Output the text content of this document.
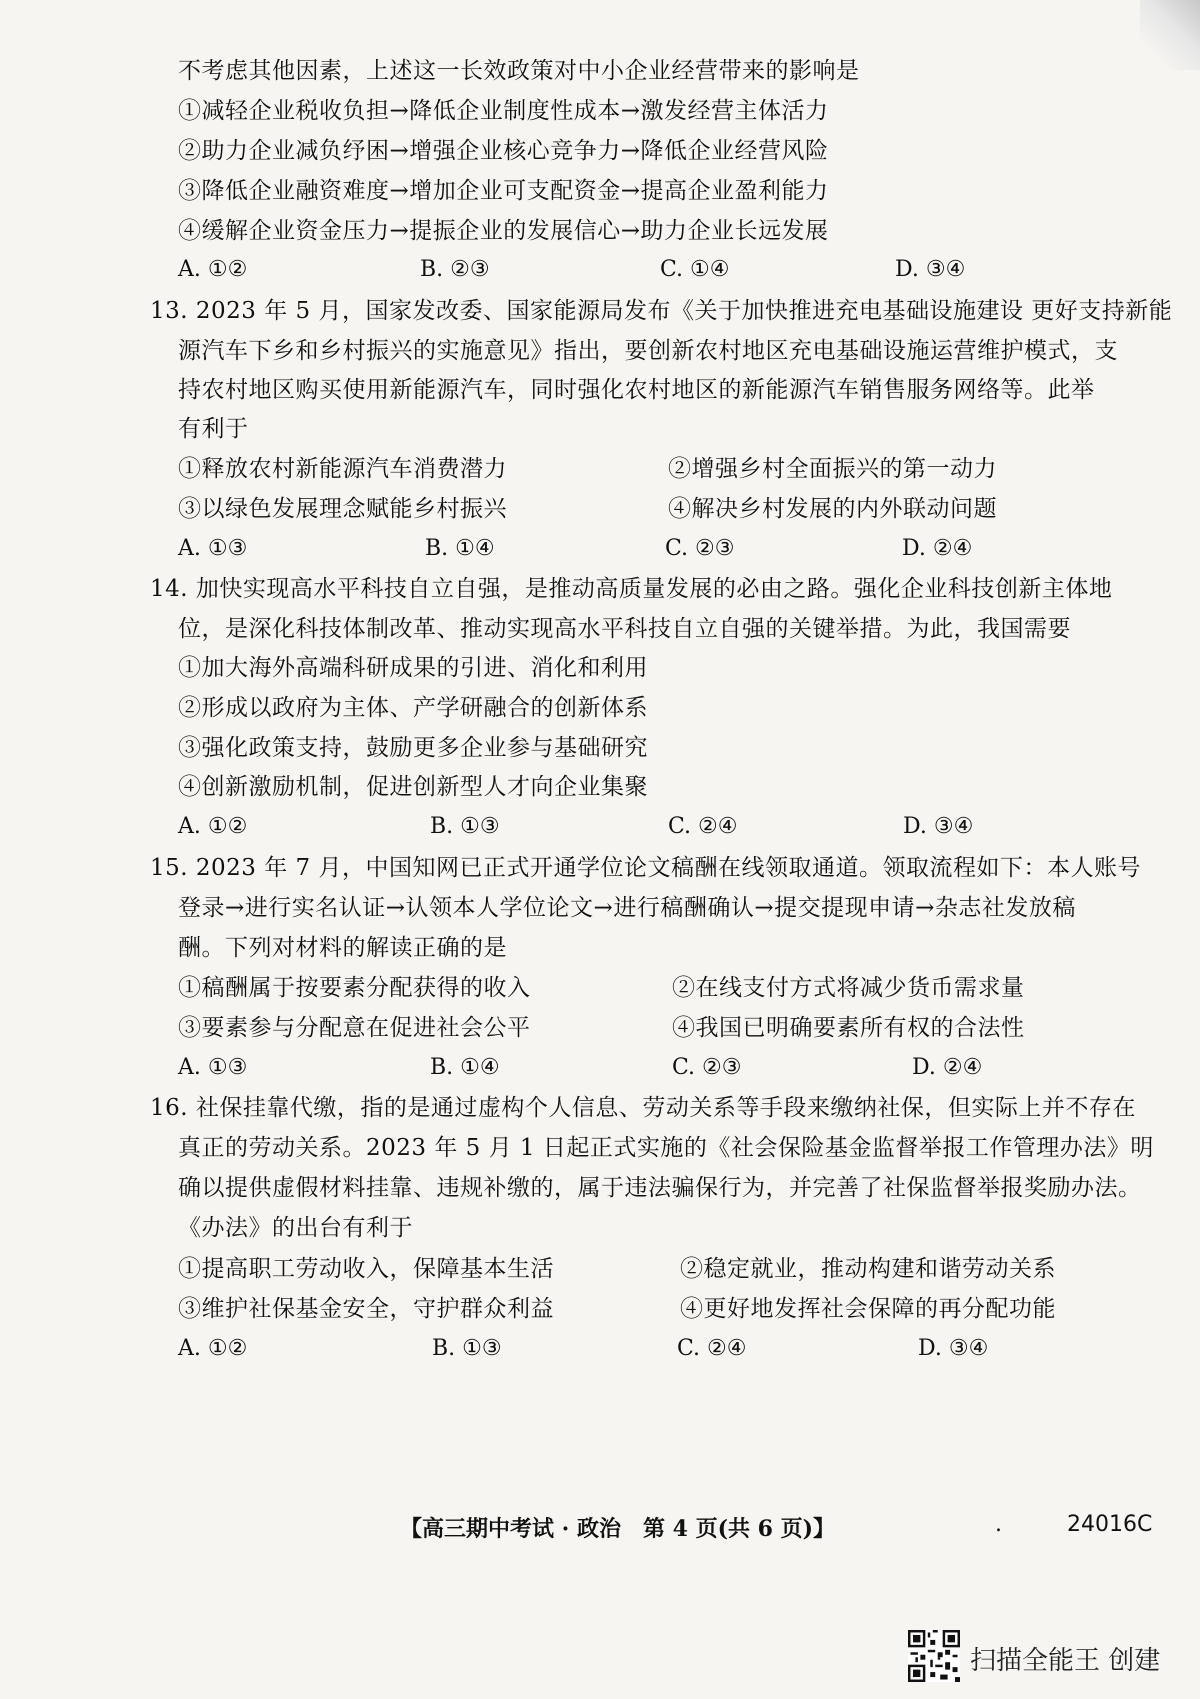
不考虑其他因素，上述这一长效政策对中小企业经营带来的影响是
①减轻企业税收负担→降低企业制度性成本→激发经营主体活力
②助力企业减负纾困→增强企业核心竞争力→降低企业经营风险
③降低企业融资难度→增加企业可支配资金→提高企业盈利能力
④缓解企业资金压力→提振企业的发展信心→助力企业长远发展
A. ①②	B. ②③	C. ①④	D. ③④
13. 2023 年 5 月，国家发改委、国家能源局发布《关于加快推进充电基础设施建设 更好支持新能
源汽车下乡和乡村振兴的实施意见》指出，要创新农村地区充电基础设施运营维护模式，支
持农村地区购买使用新能源汽车，同时强化农村地区的新能源汽车销售服务网络等。此举
有利于
①释放农村新能源汽车消费潜力	②增强乡村全面振兴的第一动力
③以绿色发展理念赋能乡村振兴	④解决乡村发展的内外联动问题
A. ①③	B. ①④	C. ②③	D. ②④
14. 加快实现高水平科技自立自强，是推动高质量发展的必由之路。强化企业科技创新主体地
位，是深化科技体制改革、推动实现高水平科技自立自强的关键举措。为此，我国需要
①加大海外高端科研成果的引进、消化和利用
②形成以政府为主体、产学研融合的创新体系
③强化政策支持，鼓励更多企业参与基础研究
④创新激励机制，促进创新型人才向企业集聚
A. ①②	B. ①③	C. ②④	D. ③④
15. 2023 年 7 月，中国知网已正式开通学位论文稿酬在线领取通道。领取流程如下：本人账号
登录→进行实名认证→认领本人学位论文→进行稿酬确认→提交提现申请→杂志社发放稿
酬。下列对材料的解读正确的是
①稿酬属于按要素分配获得的收入	②在线支付方式将减少货币需求量
③要素参与分配意在促进社会公平	④我国已明确要素所有权的合法性
A. ①③	B. ①④	C. ②③	D. ②④
16. 社保挂靠代缴，指的是通过虚构个人信息、劳动关系等手段来缴纳社保，但实际上并不存在
真正的劳动关系。2023 年 5 月 1 日起正式实施的《社会保险基金监督举报工作管理办法》明
确以提供虚假材料挂靠、违规补缴的，属于违法骗保行为，并完善了社保监督举报奖励办法。
《办法》的出台有利于
①提高职工劳动收入，保障基本生活	②稳定就业，推动构建和谐劳动关系
③维护社保基金安全，守护群众利益	④更好地发挥社会保障的再分配功能
A. ①②	B. ①③	C. ②④	D. ③④
【高三期中考试 · 政治　第 4 页(共 6 页)】	.	24016C
扫描全能王 创建
